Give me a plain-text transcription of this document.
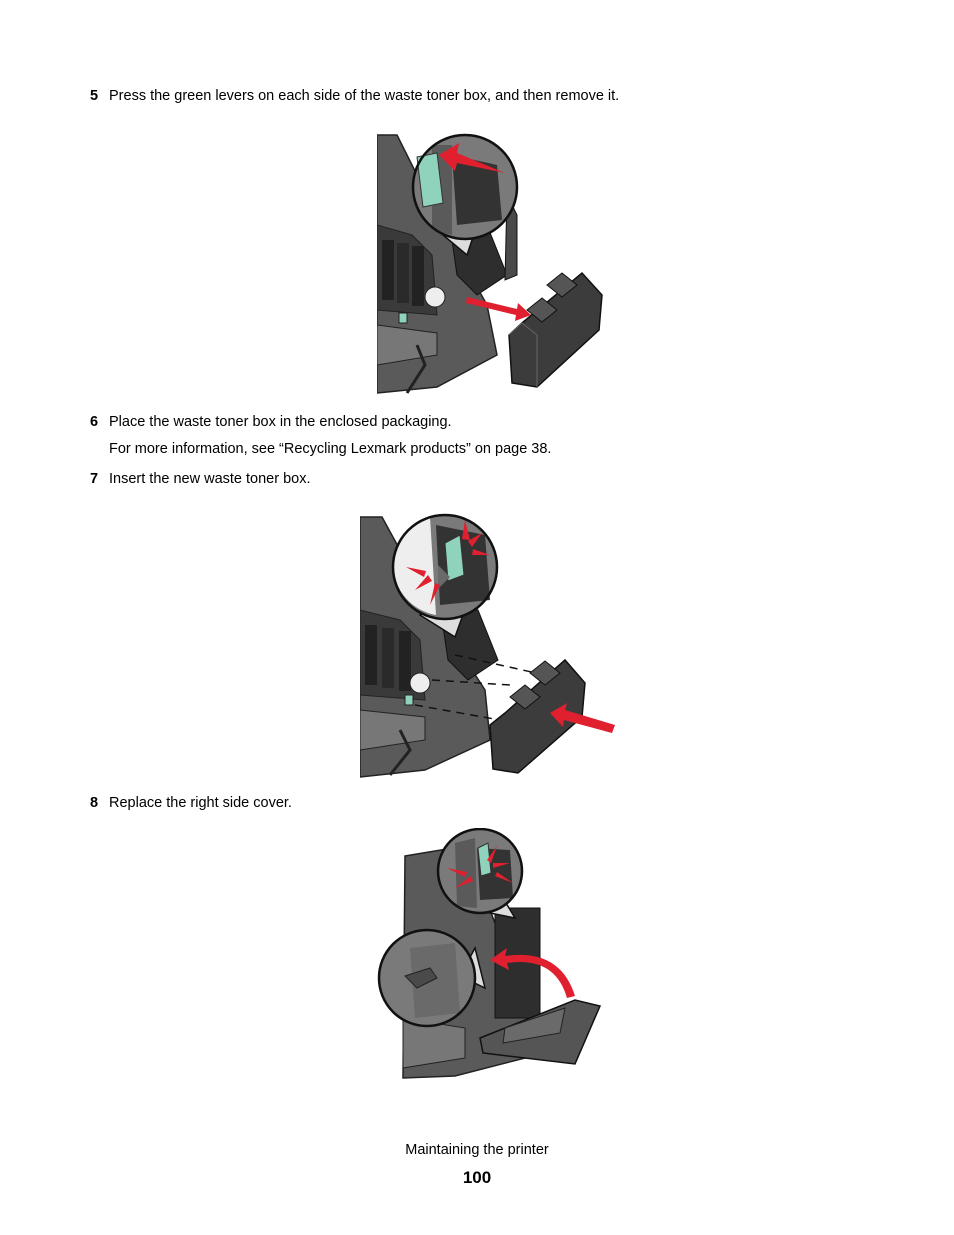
5 Press the green levers on each side of the waste toner box, and then remove it.
6 Place the waste toner box in the enclosed packaging.
For more information, see “Recycling Lexmark products” on page 38.
7 Insert the new waste toner box.
8 Replace the right side cover.
Maintaining the printer
100
